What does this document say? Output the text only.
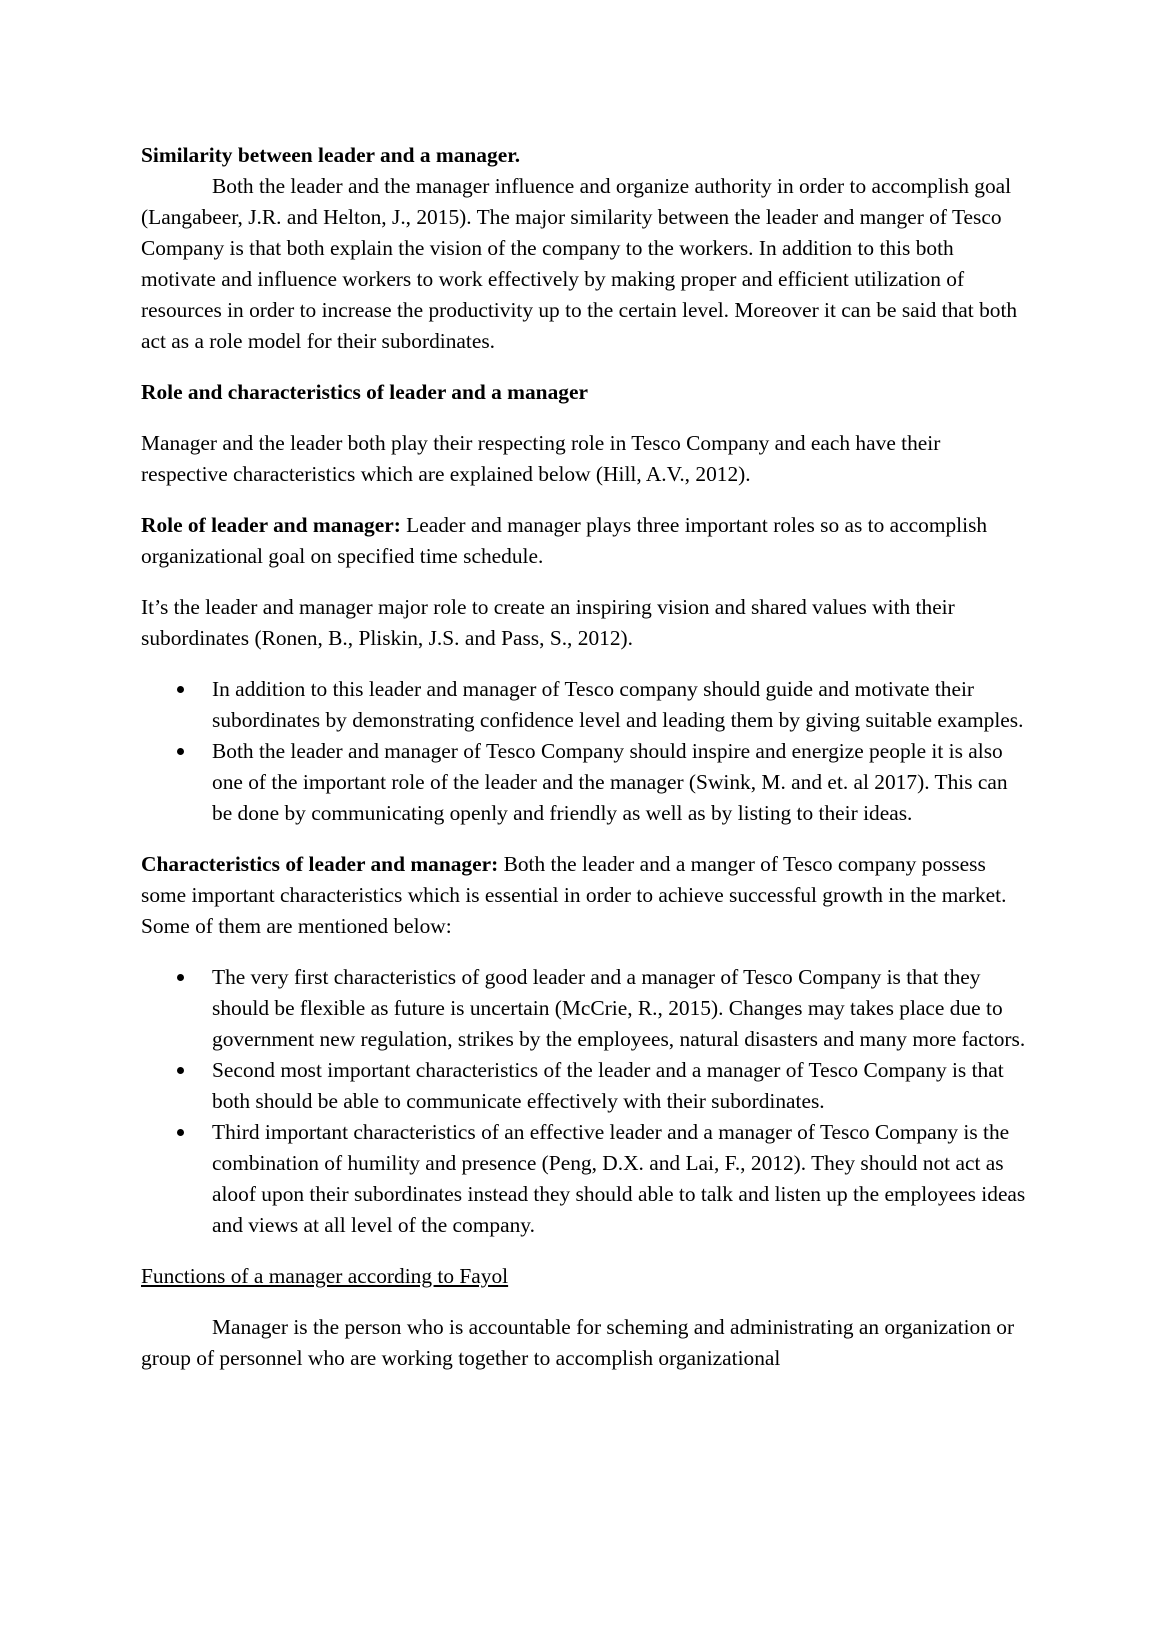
Similarity between leader and a manager.

Both the leader and the manager influence and organize authority in order to accomplish goal (Langabeer, J.R. and Helton, J., 2015). The major similarity between the leader and manger of Tesco Company is that both explain the vision of the company to the workers. In addition to this both motivate and influence workers to work effectively by making proper and efficient utilization of resources in order to increase the productivity up to the certain level. Moreover it can be said that both act as a role model for their subordinates.

Role and characteristics of leader and a manager

Manager and the leader both play their respecting role in Tesco Company and each have their respective characteristics which are explained below (Hill, A.V., 2012).

Role of leader and manager: Leader and manager plays three important roles so as to accomplish organizational goal on specified time schedule.

It’s the leader and manager major role to create an inspiring vision and shared values with their subordinates (Ronen, B., Pliskin, J.S. and Pass, S., 2012).

In addition to this leader and manager of Tesco company should guide and motivate their subordinates by demonstrating confidence level and leading them by giving suitable examples.
Both the leader and manager of Tesco Company should inspire and energize people it is also one of the important role of the leader and the manager (Swink, M. and et. al 2017). This can be done by communicating openly and friendly as well as by listing to their ideas.

Characteristics of leader and manager: Both the leader and a manger of Tesco company possess some important characteristics which is essential in order to achieve successful growth in the market. Some of them are mentioned below:

The very first characteristics of good leader and a manager of Tesco Company is that they should be flexible as future is uncertain (McCrie, R., 2015). Changes may takes place due to government new regulation, strikes by the employees, natural disasters and many more factors.
Second most important characteristics of the leader and a manager of Tesco Company is that both should be able to communicate effectively with their subordinates.
Third important characteristics of an effective leader and a manager of Tesco Company is the combination of humility and presence (Peng, D.X. and Lai, F., 2012). They should not act as aloof upon their subordinates instead they should able to talk and listen up the employees ideas and views at all level of the company.

Functions of a manager according to Fayol

Manager is the person who is accountable for scheming and administrating an organization or group of personnel who are working together to accomplish organizational
